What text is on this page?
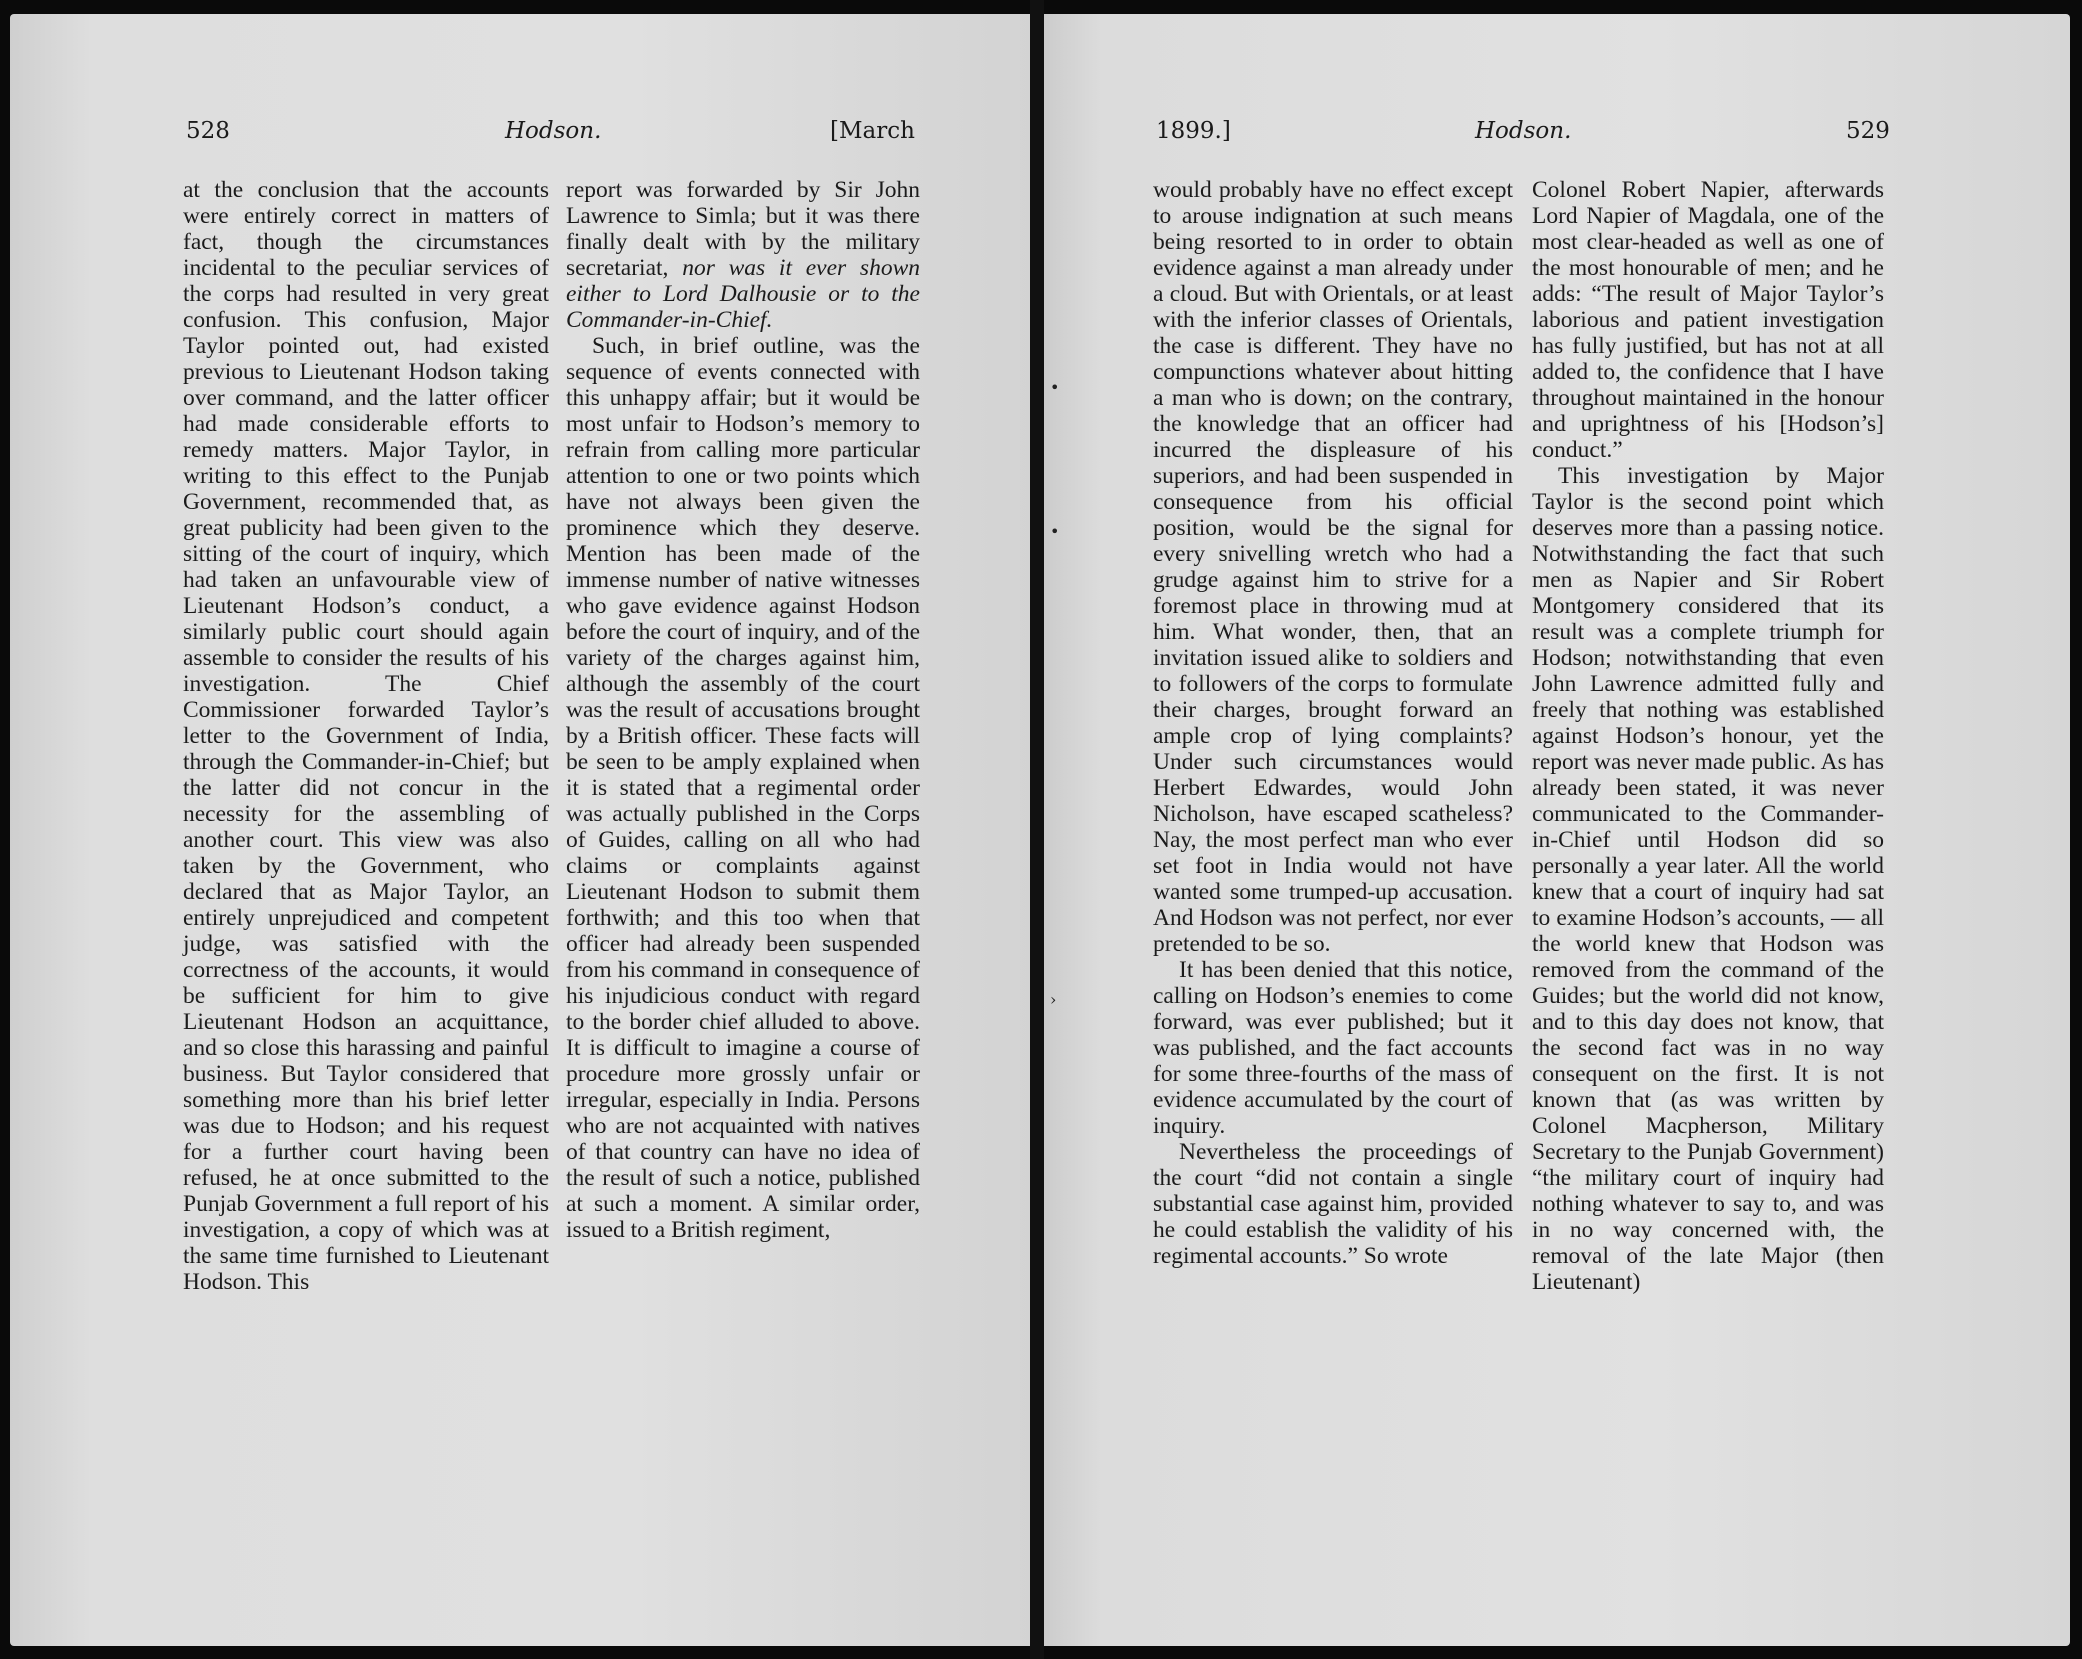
528	Hodson.	[March

at the conclusion that the accounts were entirely correct in matters of fact, though the circumstances incidental to the peculiar services of the corps had resulted in very great confusion. This confusion, Major Taylor pointed out, had existed previous to Lieutenant Hodson taking over command, and the latter officer had made considerable efforts to remedy matters. Major Taylor, in writing to this effect to the Punjab Government, recommended that, as great publicity had been given to the sitting of the court of inquiry, which had taken an unfavourable view of Lieutenant Hodson’s conduct, a similarly public court should again assemble to consider the results of his investigation. The Chief Commissioner forwarded Taylor’s letter to the Government of India, through the Commander-in-Chief; but the latter did not concur in the necessity for the assembling of another court. This view was also taken by the Government, who declared that as Major Taylor, an entirely unprejudiced and competent judge, was satisfied with the correctness of the accounts, it would be sufficient for him to give Lieutenant Hodson an acquittance, and so close this harassing and painful business. But Taylor considered that something more than his brief letter was due to Hodson; and his request for a further court having been refused, he at once submitted to the Punjab Government a full report of his investigation, a copy of which was at the same time furnished to Lieutenant Hodson. This

report was forwarded by Sir John Lawrence to Simla; but it was there finally dealt with by the military secretariat, nor was it ever shown either to Lord Dalhousie or to the Commander-in-Chief.

Such, in brief outline, was the sequence of events connected with this unhappy affair; but it would be most unfair to Hodson’s memory to refrain from calling more particular attention to one or two points which have not always been given the prominence which they deserve. Mention has been made of the immense number of native witnesses who gave evidence against Hodson before the court of inquiry, and of the variety of the charges against him, although the assembly of the court was the result of accusations brought by a British officer. These facts will be seen to be amply explained when it is stated that a regimental order was actually published in the Corps of Guides, calling on all who had claims or complaints against Lieutenant Hodson to submit them forthwith; and this too when that officer had already been suspended from his command in consequence of his injudicious conduct with regard to the border chief alluded to above. It is difficult to imagine a course of procedure more grossly unfair or irregular, especially in India. Persons who are not acquainted with natives of that country can have no idea of the result of such a notice, published at such a moment. A similar order, issued to a British regiment,

1899.]	Hodson.	529

would probably have no effect except to arouse indignation at such means being resorted to in order to obtain evidence against a man already under a cloud. But with Orientals, or at least with the inferior classes of Orientals, the case is different. They have no compunctions whatever about hitting a man who is down; on the contrary, the knowledge that an officer had incurred the displeasure of his superiors, and had been suspended in consequence from his official position, would be the signal for every snivelling wretch who had a grudge against him to strive for a foremost place in throwing mud at him. What wonder, then, that an invitation issued alike to soldiers and to followers of the corps to formulate their charges, brought forward an ample crop of lying complaints? Under such circumstances would Herbert Edwardes, would John Nicholson, have escaped scatheless? Nay, the most perfect man who ever set foot in India would not have wanted some trumped-up accusation. And Hodson was not perfect, nor ever pretended to be so.

It has been denied that this notice, calling on Hodson’s enemies to come forward, was ever published; but it was published, and the fact accounts for some three-fourths of the mass of evidence accumulated by the court of inquiry.

Nevertheless the proceedings of the court “did not contain a single substantial case against him, provided he could establish the validity of his regimental accounts.” So wrote

Colonel Robert Napier, afterwards Lord Napier of Magdala, one of the most clear-headed as well as one of the most honourable of men; and he adds: “The result of Major Taylor’s laborious and patient investigation has fully justified, but has not at all added to, the confidence that I have throughout maintained in the honour and uprightness of his [Hodson’s] conduct.”

This investigation by Major Taylor is the second point which deserves more than a passing notice. Notwithstanding the fact that such men as Napier and Sir Robert Montgomery considered that its result was a complete triumph for Hodson; notwithstanding that even John Lawrence admitted fully and freely that nothing was established against Hodson’s honour, yet the report was never made public. As has already been stated, it was never communicated to the Commander-in-Chief until Hodson did so personally a year later. All the world knew that a court of inquiry had sat to examine Hodson’s accounts, — all the world knew that Hodson was removed from the command of the Guides; but the world did not know, and to this day does not know, that the second fact was in no way consequent on the first. It is not known that (as was written by Colonel Macpherson, Military Secretary to the Punjab Government) “the military court of inquiry had nothing whatever to say to, and was in no way concerned with, the removal of the late Major (then Lieutenant)

•
•
›
